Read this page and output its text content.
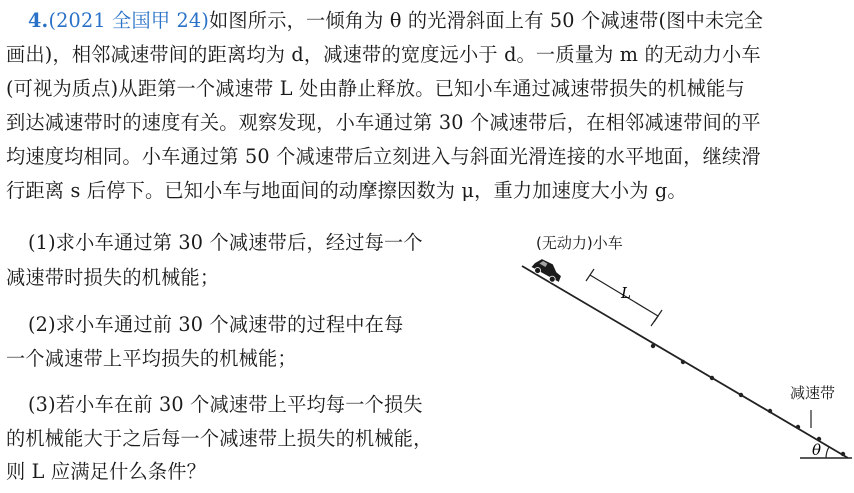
4.(2021 全国甲 24)如图所示，一倾角为 θ 的光滑斜面上有 50 个减速带(图中未完全
画出)，相邻减速带间的距离均为 d，减速带的宽度远小于 d。一质量为 m 的无动力小车
(可视为质点)从距第一个减速带 L 处由静止释放。已知小车通过减速带损失的机械能与
到达减速带时的速度有关。观察发现，小车通过第 30 个减速带后，在相邻减速带间的平
均速度均相同。小车通过第 50 个减速带后立刻进入与斜面光滑连接的水平地面，继续滑
行距离 s 后停下。已知小车与地面间的动摩擦因数为 μ，重力加速度大小为 g。
(1)求小车通过第 30 个减速带后，经过每一个
减速带时损失的机械能；
(2)求小车通过前 30 个减速带的过程中在每
一个减速带上平均损失的机械能；
(3)若小车在前 30 个减速带上平均每一个损失
的机械能大于之后每一个减速带上损失的机械能，
则 L 应满足什么条件？
(无动力)小车
L
θ
减速带
